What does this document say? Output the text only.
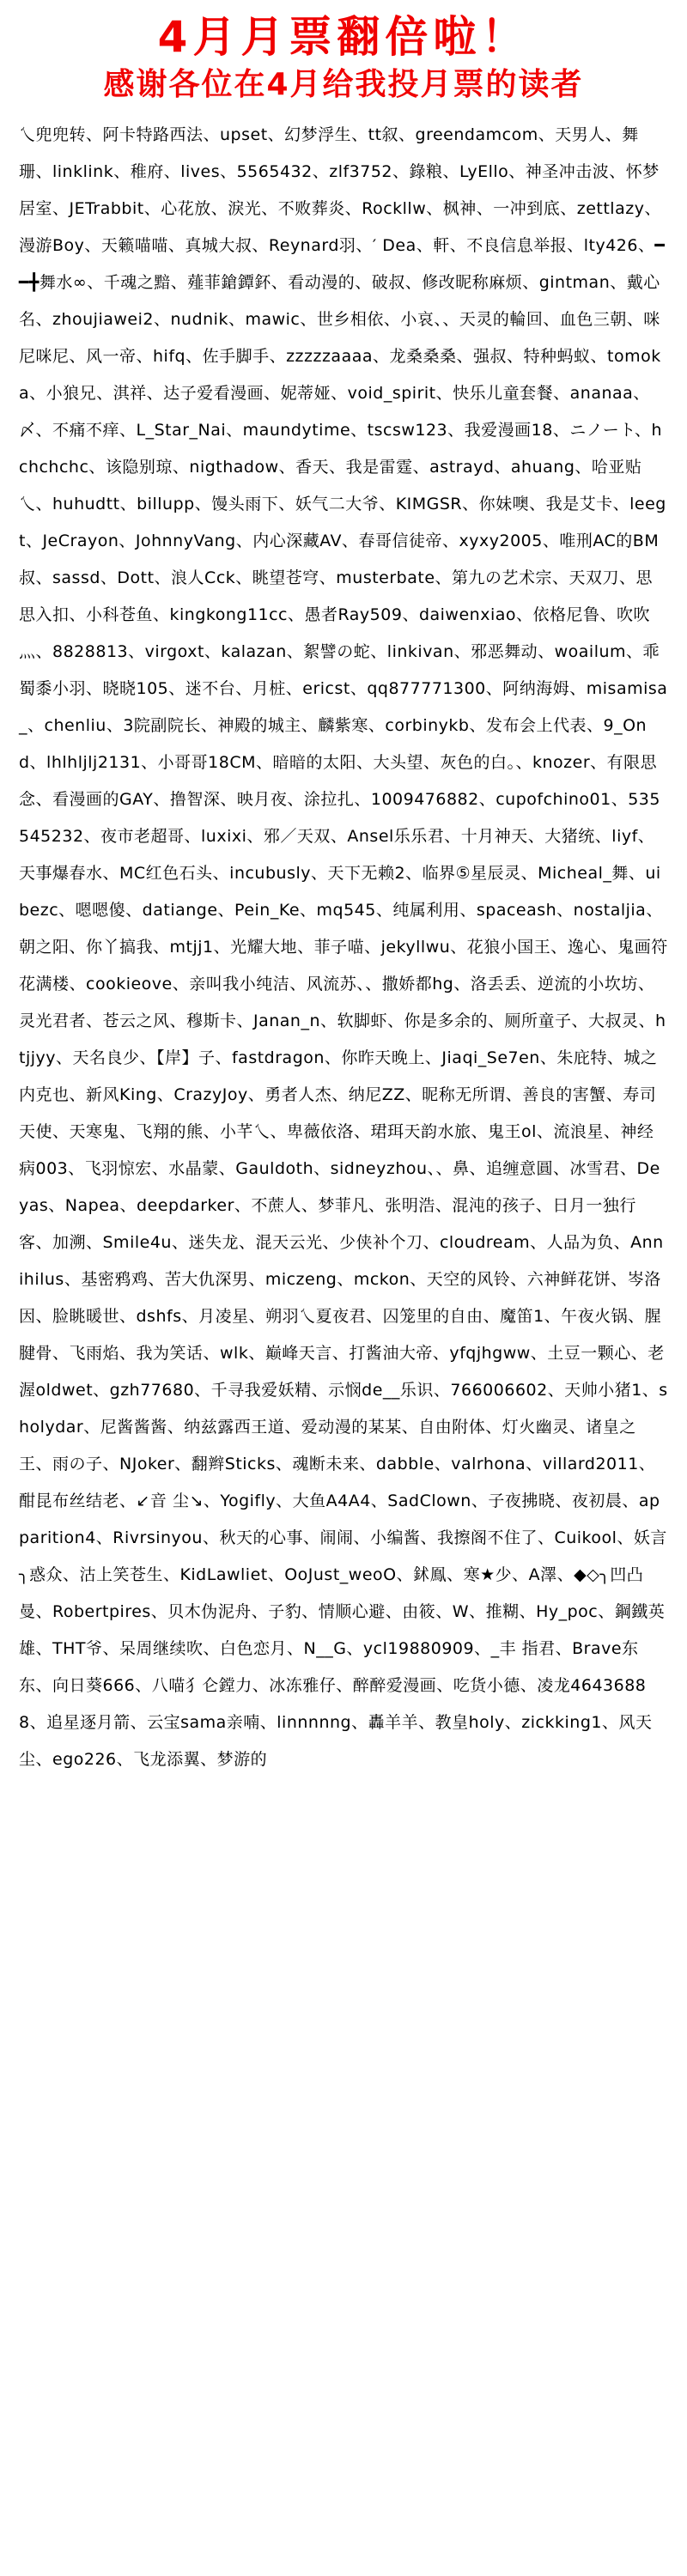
4月月票翻倍啦！
感谢各位在4月给我投月票的读者
乀兜兜转、阿卡特路西法、upset、幻梦浮生、tt叙、greendamcom、天男人、舞珊、linklink、稚府、lives、5565432、zlf3752、錄粮、LyEllo、神圣冲击波、怀梦居室、JETrabbit、心花放、淚光、不败葬炎、Rockllw、枫神、一冲到底、zettlazy、漫游Boy、天籁喵喵、真城大叔、Reynard羽、′ Dea、軒、不良信息举报、lty426、━━╋舞水∞、千魂之黯、薤菲鎗鐔鈈、看动漫的、破叔、修改昵称麻烦、gintman、戴心名、zhoujiawei2、nudnik、mawic、世乡相依、小哀、、天灵的輪回、血色三朝、咪尼咪尼、风一帝、hifq、佐手脚手、zzzzzaaaa、龙桑桑桑、强叔、特种蚂蚁、tomoka、小狼兄、淇祥、达子爱看漫画、妮蒂娅、void_spirit、快乐儿童套餐、ananaa、〆、不痛不痒、L_Star_Nai、maundytime、tscsw123、我爱漫画18、ニノート、hchchchc、该隐别琼、nigthadow、香天、我是雷霆、astrayd、ahuang、哈亚贴乀、huhudtt、billupp、馒头雨下、妖气二大爷、KIMGSR、你妹噢、我是艾卡、leegt、JeCrayon、JohnnyVang、内心深藏AV、春哥信徒帝、xyxy2005、唯刑AC的BM叔、sassd、Dott、浪人Cck、眺望苍穹、musterbate、第九の艺术宗、天双刀、思思入扣、小科苍鱼、kingkong11cc、愚者Ray509、daiwenxiao、依格尼鲁、吹吹灬、8828813、virgoxt、kalazan、絮譬の蛇、linkivan、邪恶舞动、woailum、乖蜀黍小羽、晓晓105、迷不台、月桩、ericst、qq877771300、阿纳海姆、misamisa_、chenliu、3院副院长、神殿的城主、麟紫寒、corbinykb、发布会上代表、9_Ond、lhlhljlj2131、小哥哥18CM、暗暗的太阳、大头望、灰色的白。、knozer、有限思念、看漫画的GAY、撸智深、映月夜、涂拉扎、1009476882、cupofchino01、535545232、夜市老超哥、luxixi、邪／天双、Ansel乐乐君、十月神天、大猪统、liyf、天事爆春水、MC红色石头、incubusly、天下无赖2、临界⑤星辰灵、Micheal_舞、uibezc、嗯嗯傻、datiange、Pein_Ke、mq545、纯属利用、spaceash、nostaljia、朝之阳、你丫搞我、mtjj1、光耀大地、菲子喵、jekyllwu、花狼小国王、逸心、鬼画符花满楼、cookieove、亲叫我小纯洁、风流苏、、撒娇都hg、洛丢丢、逆流的小坎坊、灵光君者、苍云之风、穆斯卡、Janan_n、软脚虾、你是多余的、厕所童子、大叔灵、htjjyy、天名良少、【岸】子、fastdragon、你昨天晚上、Jiaqi_Se7en、朱庇特、城之内克也、新风King、CrazyJoy、勇者人杰、纳尼ZZ、昵称无所谓、善良的害蟹、寿司天使、天寒鬼、飞翔的熊、小芊乀、卑薇依洛、珺珥天韵水旅、鬼王ol、流浪星、神经病003、飞羽惊宏、水晶蒙、Gauldoth、sidneyzhou、、鼻、追缠意圓、冰雪君、Deyas、Napea、deepdarker、不蔗人、梦菲凡、张明浩、混沌的孩子、日月一独行客、加溯、Smile4u、迷失龙、混天云光、少侠补个刀、cloudream、人品为负、Annihilus、基密鸦鸡、苦大仇深男、miczeng、mckon、天空的风铃、六神鲜花饼、岑洛因、脸眺暖世、dshfs、月凌星、朔羽乀夏夜君、囚笼里的自由、魔笛1、午夜火锅、腥腱骨、飞雨焰、我为笑话、wlk、巅峰天言、打酱油大帝、yfqjhgww、土豆一颗心、老渥oldwet、gzh77680、千寻我爱妖精、示悯de__乐识、766006602、天帅小猪1、sholydar、尼酱酱酱、纳兹露西王道、爱动漫的某某、自由附体、灯火幽灵、诸皇之王、雨の子、NJoker、翻辫Sticks、魂断未来、dabble、valrhona、villard2011、酣昆布丝结老、↙音 尘↘、Yogifly、大鱼A4A4、SadClown、子夜拂晓、夜初晨、apparition4、Rivrsinyou、秋天的心事、闹闹、小编酱、我擦阁不住了、Cuikool、妖言╮惑众、沽上笑苍生、KidLawliet、OoJust_weoO、鉥鳯、寒★少、A澤、◆◇╮凹凸曼、Robertpires、贝木伪泥舟、子豹、情顺心避、由筱、W、推糊、Hy_poc、鋼鐵英雄、THT爷、呆周继续吹、白色恋月、N__G、ycl19880909、_丰 指君、Brave东东、向日葵666、八喵犭仑鏜力、冰冻雅仔、醉醉爱漫画、吃货小德、凌龙46436888、追星逐月箭、云宝sama亲喃、linnnnng、轟羊羊、教皇holy、zickking1、风天尘、ego226、飞龙添翼、梦游的
